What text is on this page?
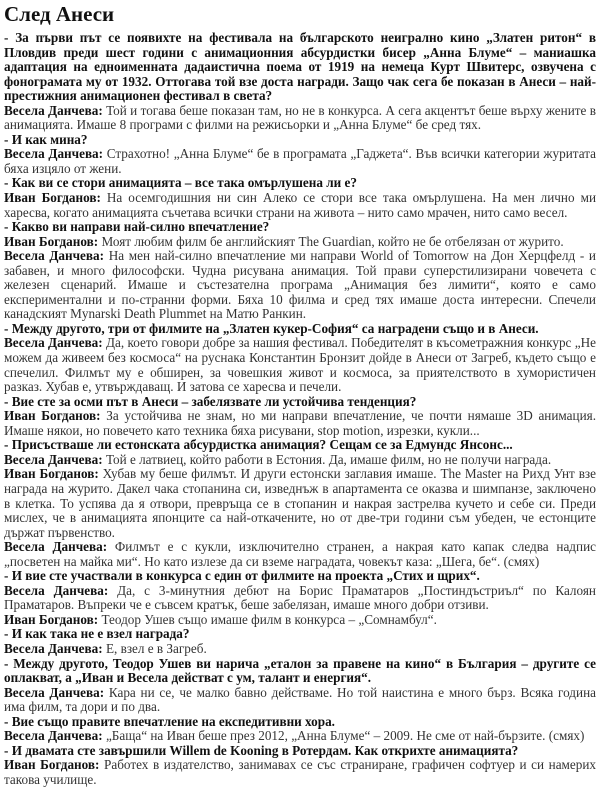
След Анеси

- За първи път се появихте на фестивала на българското неигрално кино „Златен ритон“ в Пловдив преди шест години с анимационния абсурдистки бисер „Анна Блуме“ – маниашка адаптация на едноименната дадаистична поема от 1919 на немеца Курт Швитерс, озвучена с фонограмата му от 1932. Оттогава той взе доста награди. Защо чак сега бе показан в Анеси – най-престижния анимационен фестивал в света?

Весела Данчева: Той и тогава беше показан там, но не в конкурса. А сега акцентът беше върху жените в анимацията. Имаше 8 програми с филми на режисьорки и „Анна Блуме“ бе сред тях.

- И как мина?

Весела Данчева: Страхотно! „Анна Блуме“ бе в програмата „Гаджета“. Във всички категории журитата бяха изцяло от жени.

- Как ви се стори анимацията – все така омърлушена ли е?

Иван Богданов: На осемгодишния ни син Алеко се стори все така омърлушена. На мен лично ми харесва, когато анимацията съчетава всички страни на живота – нито само мрачен, нито само весел.

- Какво ви направи най-силно впечатление?

Иван Богданов: Моят любим филм бе английският The Guardian, който не бе отбелязан от журито.

Весела Данчева: На мен най-силно впечатление ми направи World of Tomorrow на Дон Херцфелд - и забавен, и много философски. Чудна рисувана анимация. Той прави суперстилизирани човечета с железен сценарий. Имаше и състезателна програма „Анимация без лимити“, която е само експериментални и по-странни форми. Бяха 10 филма и сред тях имаше доста интересни. Спечели канадският Mynarski Death Plummet на Матю Ранкин.

- Между другото, три от филмите на „Златен кукер-София“ са наградени също и в Анеси.

Весела Данчева: Да, което говори добре за нашия фестивал. Победителят в късометражния конкурс „Не можем да живеем без космоса“ на руснака Константин Бронзит дойде в Анеси от Загреб, където също е спечелил. Филмът му е обширен, за човешкия живот и космоса, за приятелството в хумористичен разказ. Хубав е, утвърждаващ. И затова се харесва и печели.

- Вие сте за осми път в Анеси – забелязвате ли устойчива тенденция?

Иван Богданов: За устойчива не знам, но ми направи впечатление, че почти нямаше 3D анимация. Имаше някои, но повечето като техника бяха рисувани, stop motion, изрезки, кукли...

- Присъстваше ли естонската абсурдистка анимация? Сещам се за Едмундс Янсонс...

Весела Данчева: Той е латвиец, който работи в Естония. Да, имаше филм, но не получи награда.

Иван Богданов: Хубав му беше филмът. И други естонски заглавия имаше. The Master на Рихд Унт взе награда на журито. Дакел чака стопанина си, изведнъж в апартамента се оказва и шимпанзе, заключено в клетка. То успява да я отвори, превръща се в стопанин и накрая застрелва кучето и себе си. Преди мислех, че в анимацията японците са най-откачените, но от две-три години съм убеден, че естонците държат първенство.

Весела Данчева: Филмът е с кукли, изключително странен, а накрая като капак следва надпис „посветен на майка ми“. Но като излезе да си вземе наградата, човекът каза: „Шега, бе“. (смях)

- И вие сте участвали в конкурса с един от филмите на проекта „Стих и щрих“.

Весела Данчева: Да, с 3-минутния дебют на Борис Праматаров „Постиндъстриъл“ по Калоян Праматаров. Въпреки че е съвсем кратък, беше забелязан, имаше много добри отзиви.

Иван Богданов: Теодор Ушев също имаше филм в конкурса – „Сомнамбул“.

- И как така не е взел награда?

Весела Данчева: Е, взел е в Загреб.

- Между другото, Теодор Ушев ви нарича „еталон за правене на кино“ в България – другите се оплакват, а „Иван и Весела действат с ум, талант и енергия“.

Весела Данчева: Кара ни се, че малко бавно действаме. Но той наистина е много бърз. Всяка година има филм, та дори и по два.

- Вие също правите впечатление на експедитивни хора.

Весела Данчева: „Баща“ на Иван беше през 2012, „Анна Блуме“ – 2009. Не сме от най-бързите. (смях)

- И двамата сте завършили Willem de Kooning в Ротердам. Как открихте анимацията?

Иван Богданов: Работех в издателство, занимавах се със страниране, графичен софтуер и си намерих такова училище.
